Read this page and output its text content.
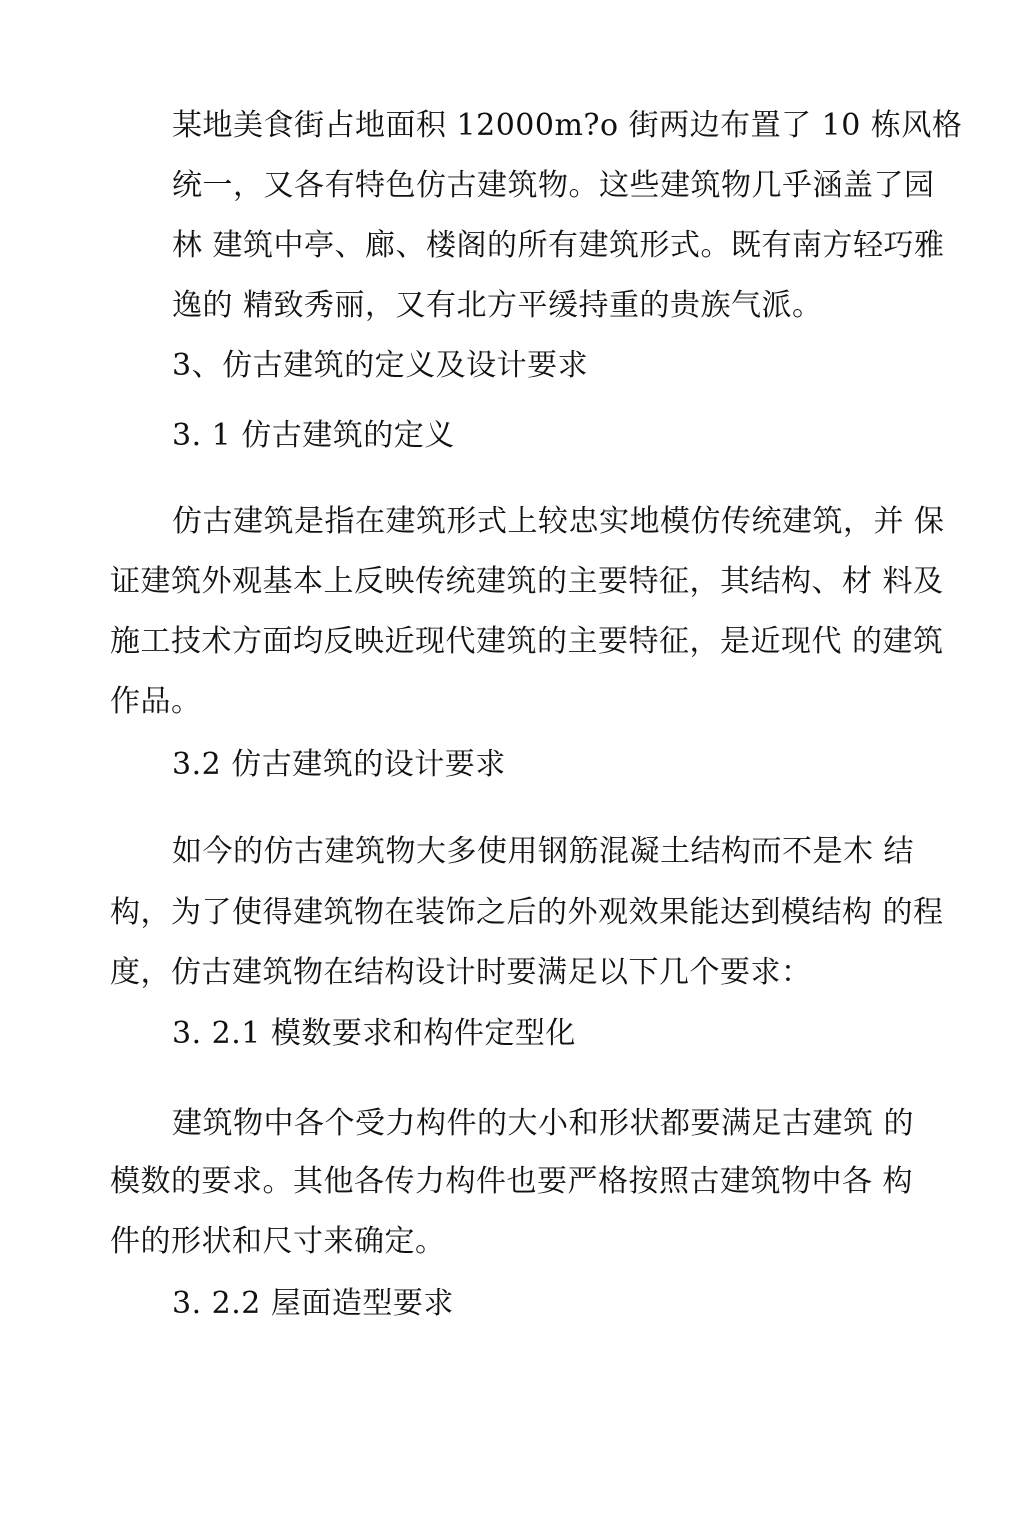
某地美食街占地面积 12000m?o 街两边布置了 10 栋风格
统一，又各有特色仿古建筑物。这些建筑物几乎涵盖了园
林 建筑中亭、廊、楼阁的所有建筑形式。既有南方轻巧雅
逸的 精致秀丽，又有北方平缓持重的贵族气派。
3、仿古建筑的定义及设计要求
3. 1 仿古建筑的定义
仿古建筑是指在建筑形式上较忠实地模仿传统建筑，并 保
证建筑外观基本上反映传统建筑的主要特征，其结构、材 料及
施工技术方面均反映近现代建筑的主要特征，是近现代 的建筑
作品。
3.2 仿古建筑的设计要求
如今的仿古建筑物大多使用钢筋混凝土结构而不是木 结
构，为了使得建筑物在装饰之后的外观效果能达到模结构 的程
度，仿古建筑物在结构设计时要满足以下几个要求：
3. 2.1 模数要求和构件定型化
建筑物中各个受力构件的大小和形状都要满足古建筑 的
模数的要求。其他各传力构件也要严格按照古建筑物中各 构
件的形状和尺寸来确定。
3. 2.2 屋面造型要求
